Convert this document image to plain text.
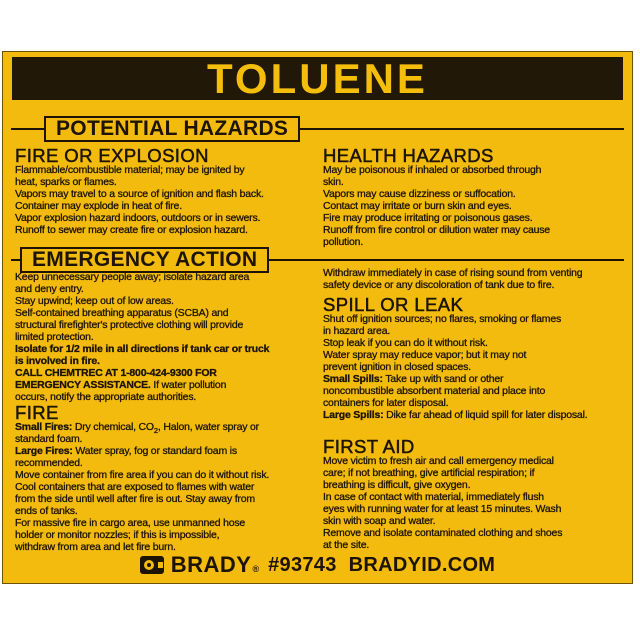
TOLUENE
POTENTIAL HAZARDS
FIRE OR EXPLOSION
Flammable/combustible material; may be ignited by
heat, sparks or flames.
Vapors may travel to a source of ignition and flash back.
Container may explode in heat of fire.
Vapor explosion hazard indoors, outdoors or in sewers.
Runoff to sewer may create fire or explosion hazard.
HEALTH HAZARDS
May be poisonous if inhaled or absorbed through
skin.
Vapors may cause dizziness or suffocation.
Contact may irritate or burn skin and eyes.
Fire may produce irritating or poisonous gases.
Runoff from fire control or dilution water may cause
pollution.
EMERGENCY ACTION
Keep unnecessary people away; isolate hazard area
and deny entry.
Stay upwind; keep out of low areas.
Self-contained breathing apparatus (SCBA) and
structural firefighter's protective clothing will provide
limited protection.
Isolate for 1/2 mile in all directions if tank car or truck
is involved in fire.
CALL CHEMTREC AT 1-800-424-9300 FOR
EMERGENCY ASSISTANCE. If water pollution
occurs, notify the appropriate authorities.
FIRE
Small Fires: Dry chemical, $CO_2$, Halon, water spray or
standard foam.
Large Fires: Water spray, fog or standard foam is
recommended.
Move container from fire area if you can do it without risk.
Cool containers that are exposed to flames with water
from the side until well after fire is out. Stay away from
ends of tanks.
For massive fire in cargo area, use unmanned hose
holder or monitor nozzles; if this is impossible,
withdraw from area and let fire burn.
Withdraw immediately in case of rising sound from venting
safety device or any discoloration of tank due to fire.
SPILL OR LEAK
Shut off ignition sources; no flares, smoking or flames
in hazard area.
Stop leak if you can do it without risk.
Water spray may reduce vapor; but it may not
prevent ignition in closed spaces.
Small Spills: Take up with sand or other
noncombustible absorbent material and place into
containers for later disposal.
Large Spills: Dike far ahead of liquid spill for later disposal.
FIRST AID
Move victim to fresh air and call emergency medical
care; if not breathing, give artificial respiration; if
breathing is difficult, give oxygen.
In case of contact with material, immediately flush
eyes with running water for at least 15 minutes. Wash
skin with soap and water.
Remove and isolate contaminated clothing and shoes
at the site.
BRADY ® #93743 BRADYID.COM
